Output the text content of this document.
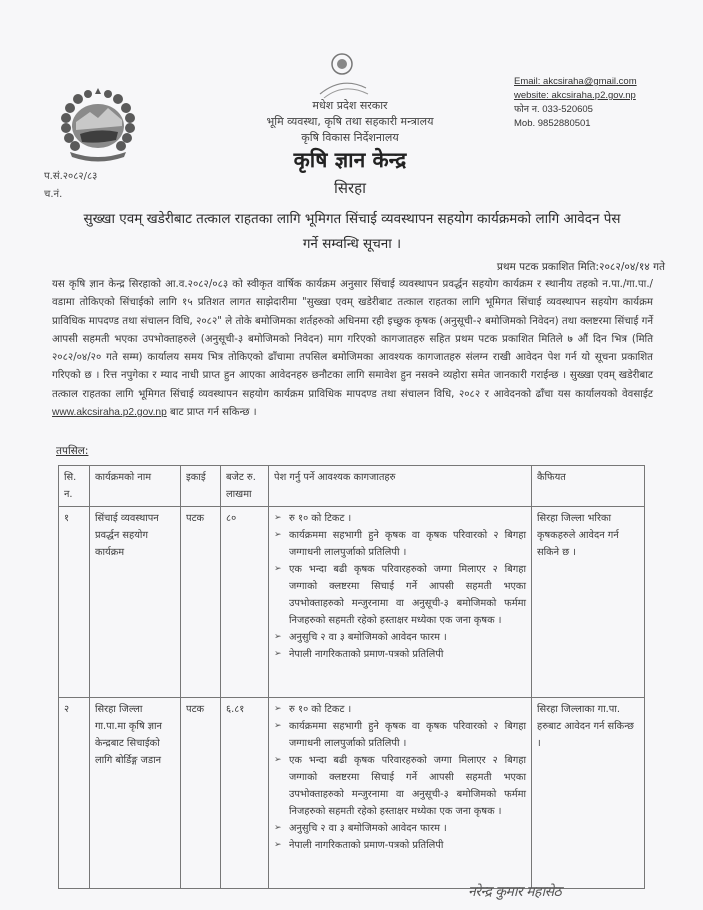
मधेश प्रदेश सरकार
भूमि व्यवस्था, कृषि तथा सहकारी मन्त्रालय
कृषि विकास निर्देशनालय
कृषि ज्ञान केन्द्र
सिरहा
Email: akcsiraha@gmail.com
website: akcsiraha.p2.gov.np
फोन न. 033-520605
Mob. 9852880501
प.सं.२०८२/८३
च.नं.
सुख्खा एवम् खडेरीबाट तत्काल राहतका लागि भूमिगत सिंचाई व्यवस्थापन सहयोग कार्यक्रमको लागि आवेदन पेस
गर्ने सम्वन्धि सूचना ।
प्रथम पटक प्रकाशित मिति:२०८२/०४/१४ गते
यस कृषि ज्ञान केन्द्र सिरहाको आ.व.२०८२/०८३ को स्वीकृत वार्षिक कार्यक्रम अनुसार सिंचाई व्यवस्थापन प्रवर्द्धन सहयोग कार्यक्रम र स्थानीय तहको न.पा./गा.पा./वडामा तोकिएको सिंचाईको लागि १५ प्रतिशत लागत साझेदारीमा "सुख्खा एवम् खडेरीबाट तत्काल राहतका लागि भूमिगत सिंचाई व्यवस्थापन सहयोग कार्यक्रम प्राविधिक मापदण्ड तथा संचालन विधि, २०८२" ले तोके बमोजिमका शर्तहरुको अधिनमा रही इच्छुक कृषक (अनुसूची-२ बमोजिमको निवेदन) तथा क्लष्टरमा सिंचाई गर्ने आपसी सहमती भएका उपभोक्ताहरुले (अनुसूची-३ बमोजिमको निवेदन) माग गरिएको कागजातहरु सहित प्रथम पटक प्रकाशित मितिले ७ औं दिन भित्र (मिति २०८२/०४/२० गते सम्म) कार्यालय समय भित्र तोकिएको ढाँचामा तपसिल बमोजिमका आवश्यक कागजातहरु संलग्न राखी आवेदन पेश गर्न यो सूचना प्रकाशित गरिएको छ । रित्त नपुगेका र म्याद नाधी प्राप्त हुन आएका आवेदनहरु छनौटका लागि समावेश हुन नसक्ने व्यहोरा समेत जानकारी गराईन्छ । सुख्खा एवम् खडेरीबाट तत्काल राहतका लागि भूमिगत सिंचाई व्यवस्थापन सहयोग कार्यक्रम प्राविधिक मापदण्ड तथा संचालन विधि, २०८२ र आवेदनको ढाँचा यस कार्यालयको वेवसाईट www.akcsiraha.p2.gov.np बाट प्राप्त गर्न सकिन्छ ।
तपसिल:
सि. न.	कार्यक्रमको नाम	इकाई	बजेट रु. लाखमा	पेश गर्नु पर्ने आवश्यक कागजातहरु	कैफियत
१	सिंचाई व्यवस्थापन प्रवर्द्धन सहयोग कार्यक्रम	पटक	८०	➢ रु १० को टिकट ।
➢ कार्यक्रममा सहभागी हुने कृषक वा कृषक परिवारको २ बिगहा जग्गाधनी लालपुर्जाको प्रतिलिपी ।
➢ एक भन्दा बढी कृषक परिवारहरुको जग्गा मिलाएर २ बिगहा जग्गाको क्लष्टरमा सिचाई गर्ने आपसी सहमती भएका उपभोक्ताहरुको मन्जुरनामा वा अनुसूची-३ बमोजिमको फर्ममा निजहरुको सहमती रहेको हस्ताक्षर मध्येका एक जना कृषक ।
➢ अनुसुचि २ वा ३ बमोजिमको आवेदन फारम ।
➢ नेपाली नागरिकताको प्रमाण-पत्रको प्रतिलिपी
	सिरहा जिल्ला भरिका कृषकहरुले आवेदन गर्न सकिने छ ।
२	सिरहा जिल्ला गा.पा.मा कृषि ज्ञान केन्द्रबाट सिचाईको लागि बोर्डिङ्ग जडान	पटक	६.८१	➢ रु १० को टिकट ।
➢ कार्यक्रममा सहभागी हुने कृषक वा कृषक परिवारको २ बिगहा जग्गाधनी लालपुर्जाको प्रतिलिपी ।
➢ एक भन्दा बढी कृषक परिवारहरुको जग्गा मिलाएर २ बिगहा जग्गाको क्लष्टरमा सिचाई गर्ने आपसी सहमती भएका उपभोक्ताहरुको मन्जुरनामा वा अनुसूची-३ बमोजिमको फर्ममा निजहरुको सहमती रहेको हस्ताक्षर मध्येका एक जना कृषक ।
➢ अनुसुचि २ वा ३ बमोजिमको आवेदन फारम ।
➢ नेपाली नागरिकताको प्रमाण-पत्रको प्रतिलिपी
	सिरहा जिल्लाका गा.पा. हरुबाट आवेदन गर्न सकिन्छ ।
नरेन्द्र कुमार महासेठ
